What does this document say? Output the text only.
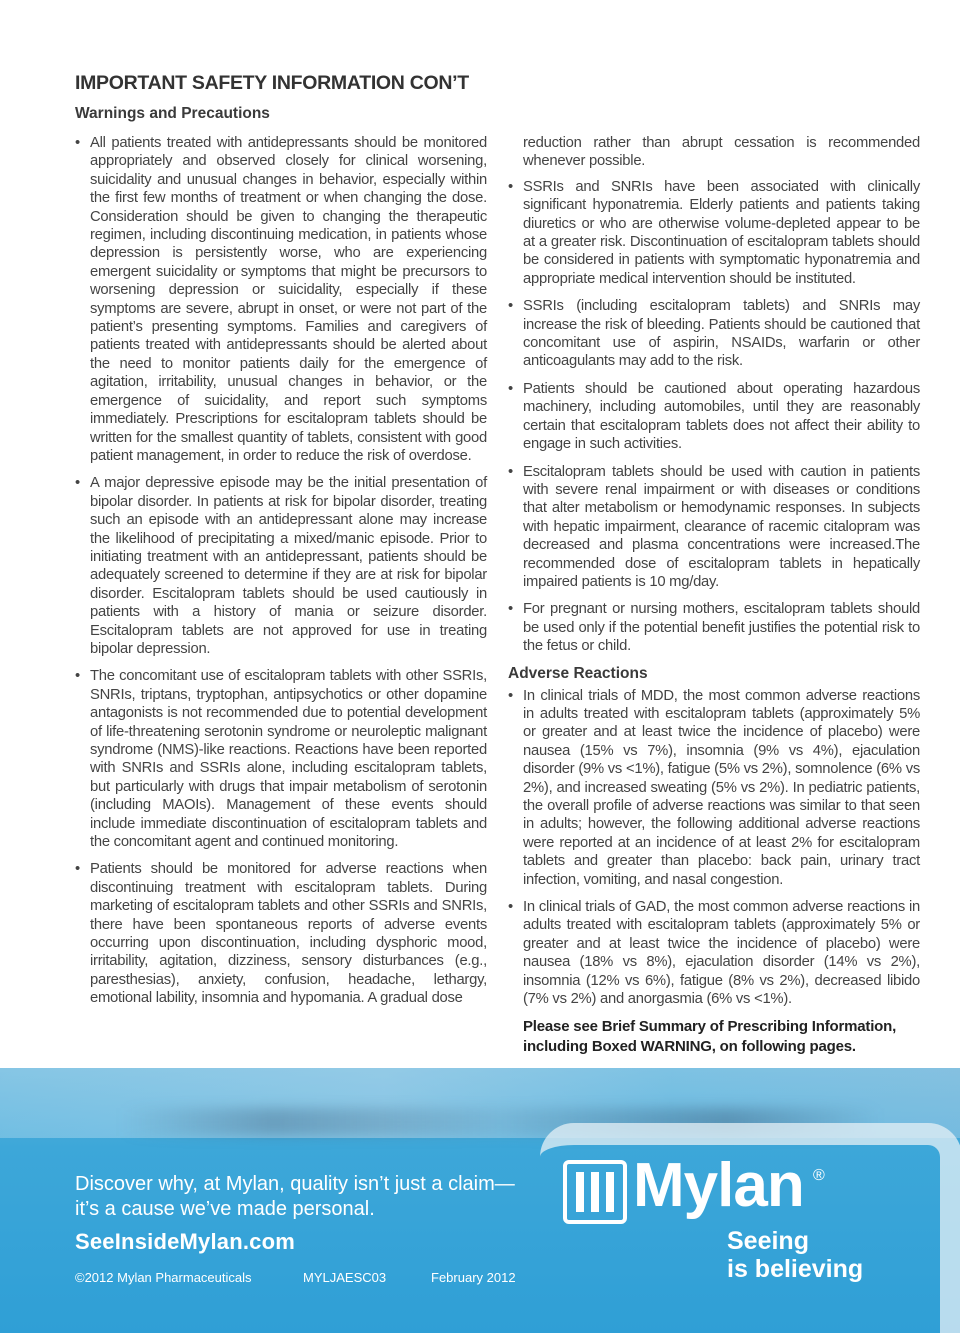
IMPORTANT SAFETY INFORMATION CON’T
Warnings and Precautions
• All patients treated with antidepressants should be monitored appropriately and observed closely for clinical worsening, suicidality and unusual changes in behavior, especially within the first few months of treatment or when changing the dose. Consideration should be given to changing the therapeutic regimen, including discontinuing medication, in patients whose depression is persistently worse, who are experiencing emergent suicidality or symptoms that might be precursors to worsening depression or suicidality, especially if these symptoms are severe, abrupt in onset, or were not part of the patient’s presenting symptoms. Families and caregivers of patients treated with antidepressants should be alerted about the need to monitor patients daily for the emergence of agitation, irritability, unusual changes in behavior, or the emergence of suicidality, and report such symptoms immediately. Prescriptions for escitalopram tablets should be written for the smallest quantity of tablets, consistent with good patient management, in order to reduce the risk of overdose.
• A major depressive episode may be the initial presentation of bipolar disorder. In patients at risk for bipolar disorder, treating such an episode with an antidepressant alone may increase the likelihood of precipitating a mixed/manic episode. Prior to initiating treatment with an antidepressant, patients should be adequately screened to determine if they are at risk for bipolar disorder. Escitalopram tablets should be used cautiously in patients with a history of mania or seizure disorder. Escitalopram tablets are not approved for use in treating bipolar depression.
• The concomitant use of escitalopram tablets with other SSRIs, SNRIs, triptans, tryptophan, antipsychotics or other dopamine antagonists is not recommended due to potential development of life-threatening serotonin syndrome or neuroleptic malignant syndrome (NMS)-like reactions. Reactions have been reported with SNRIs and SSRIs alone, including escitalopram tablets, but particularly with drugs that impair metabolism of serotonin (including MAOIs). Management of these events should include immediate discontinuation of escitalopram tablets and the concomitant agent and continued monitoring.
• Patients should be monitored for adverse reactions when discontinuing treatment with escitalopram tablets. During marketing of escitalopram tablets and other SSRIs and SNRIs, there have been spontaneous reports of adverse events occurring upon discontinuation, including dysphoric mood, irritability, agitation, dizziness, sensory disturbances (e.g., paresthesias), anxiety, confusion, headache, lethargy, emotional lability, insomnia and hypomania. A gradual dose

reduction rather than abrupt cessation is recommended whenever possible.

• SSRIs and SNRIs have been associated with clinically significant hyponatremia. Elderly patients and patients taking diuretics or who are otherwise volume-depleted appear to be at a greater risk. Discontinuation of escitalopram tablets should be considered in patients with symptomatic hyponatremia and appropriate medical intervention should be instituted.
• SSRIs (including escitalopram tablets) and SNRIs may increase the risk of bleeding. Patients should be cautioned that concomitant use of aspirin, NSAIDs, warfarin or other anticoagulants may add to the risk.
• Patients should be cautioned about operating hazardous machinery, including automobiles, until they are reasonably certain that escitalopram tablets does not affect their ability to engage in such activities.
• Escitalopram tablets should be used with caution in patients with severe renal impairment or with diseases or conditions that alter metabolism or hemodynamic responses. In subjects with hepatic impairment, clearance of racemic citalopram was decreased and plasma concentrations were increased.The recommended dose of escitalopram tablets in hepatically impaired patients is 10 mg/day.
• For pregnant or nursing mothers, escitalopram tablets should be used only if the potential benefit justifies the potential risk to the fetus or child.
Adverse Reactions
• In clinical trials of MDD, the most common adverse reactions in adults treated with escitalopram tablets (approximately 5% or greater and at least twice the incidence of placebo) were nausea (15% vs 7%), insomnia (9% vs 4%), ejaculation disorder (9% vs <1%), fatigue (5% vs 2%), somnolence (6% vs 2%), and increased sweating (5% vs 2%). In pediatric patients, the overall profile of adverse reactions was similar to that seen in adults; however, the following additional adverse reactions were reported at an incidence of at least 2% for escitalopram tablets and greater than placebo: back pain, urinary tract infection, vomiting, and nasal congestion.
• In clinical trials of GAD, the most common adverse reactions in adults treated with escitalopram tablets (approximately 5% or greater and at least twice the incidence of placebo) were nausea (18% vs 8%), ejaculation disorder (14% vs 2%), insomnia (12% vs 6%), fatigue (8% vs 2%), decreased libido (7% vs 2%) and anorgasmia (6% vs <1%).
Please see Brief Summary of Prescribing Information, including Boxed WARNING, on following pages.

Discover why, at Mylan, quality isn’t just a claim—it’s a cause we’ve made personal.

SeeInsideMylan.com
©2012 Mylan Pharmaceuticals	MYLJAESC03	February 2012
Mylan ®
Seeing
is believing
